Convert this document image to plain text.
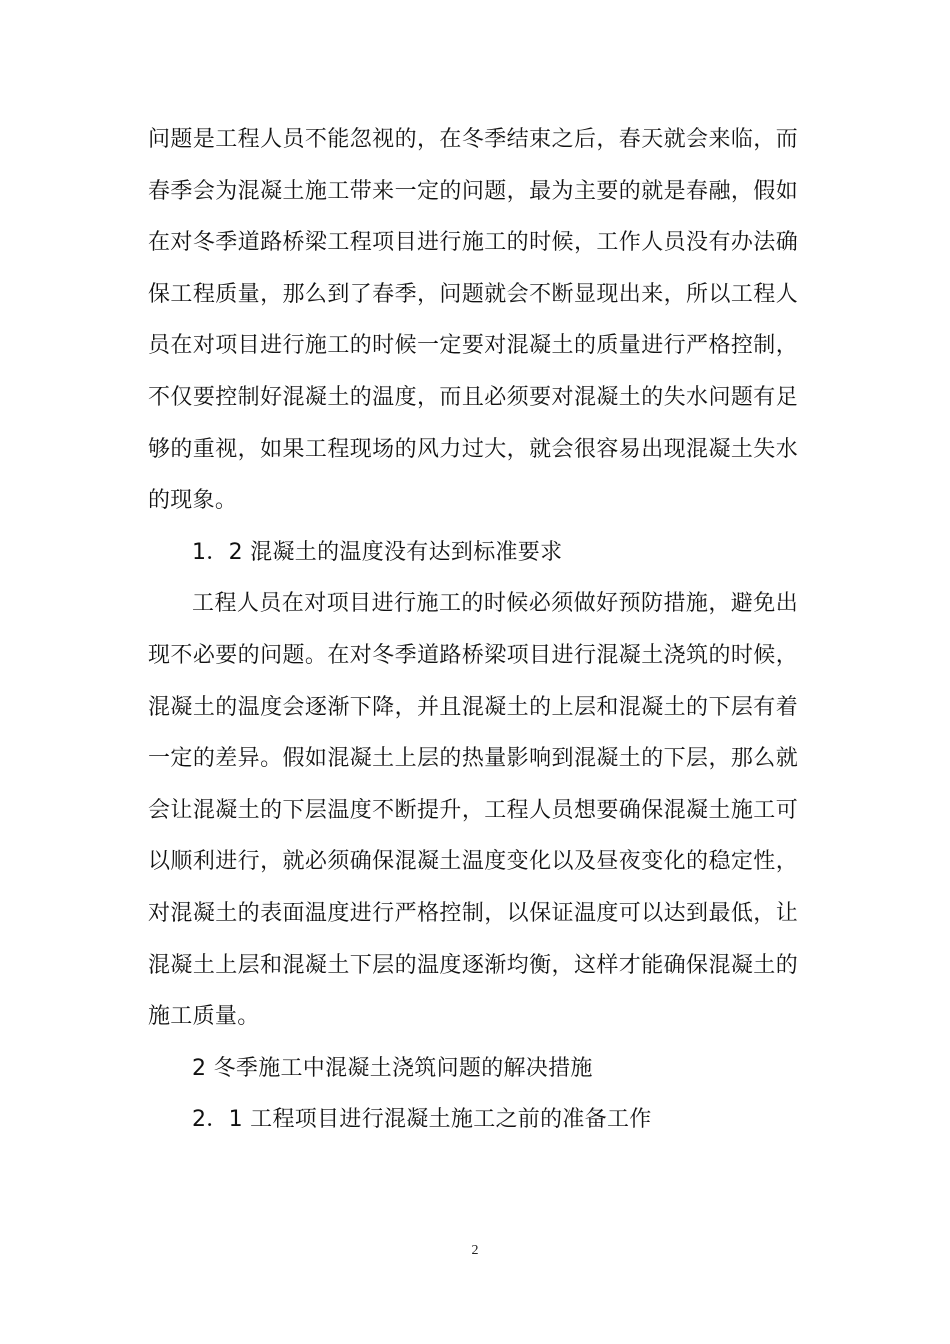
问题是工程人员不能忽视的，在冬季结束之后，春天就会来临，而春季会为混凝土施工带来一定的问题，最为主要的就是春融，假如在对冬季道路桥梁工程项目进行施工的时候，工作人员没有办法确保工程质量，那么到了春季，问题就会不断显现出来，所以工程人员在对项目进行施工的时候一定要对混凝土的质量进行严格控制，不仅要控制好混凝土的温度，而且必须要对混凝土的失水问题有足够的重视，如果工程现场的风力过大，就会很容易出现混凝土失水的现象。

1．2 混凝土的温度没有达到标准要求

工程人员在对项目进行施工的时候必须做好预防措施，避免出现不必要的问题。在对冬季道路桥梁项目进行混凝土浇筑的时候，混凝土的温度会逐渐下降，并且混凝土的上层和混凝土的下层有着一定的差异。假如混凝土上层的热量影响到混凝土的下层，那么就会让混凝土的下层温度不断提升，工程人员想要确保混凝土施工可以顺利进行，就必须确保混凝土温度变化以及昼夜变化的稳定性，对混凝土的表面温度进行严格控制，以保证温度可以达到最低，让混凝土上层和混凝土下层的温度逐渐均衡，这样才能确保混凝土的施工质量。

2 冬季施工中混凝土浇筑问题的解决措施

2．1 工程项目进行混凝土施工之前的准备工作

2
